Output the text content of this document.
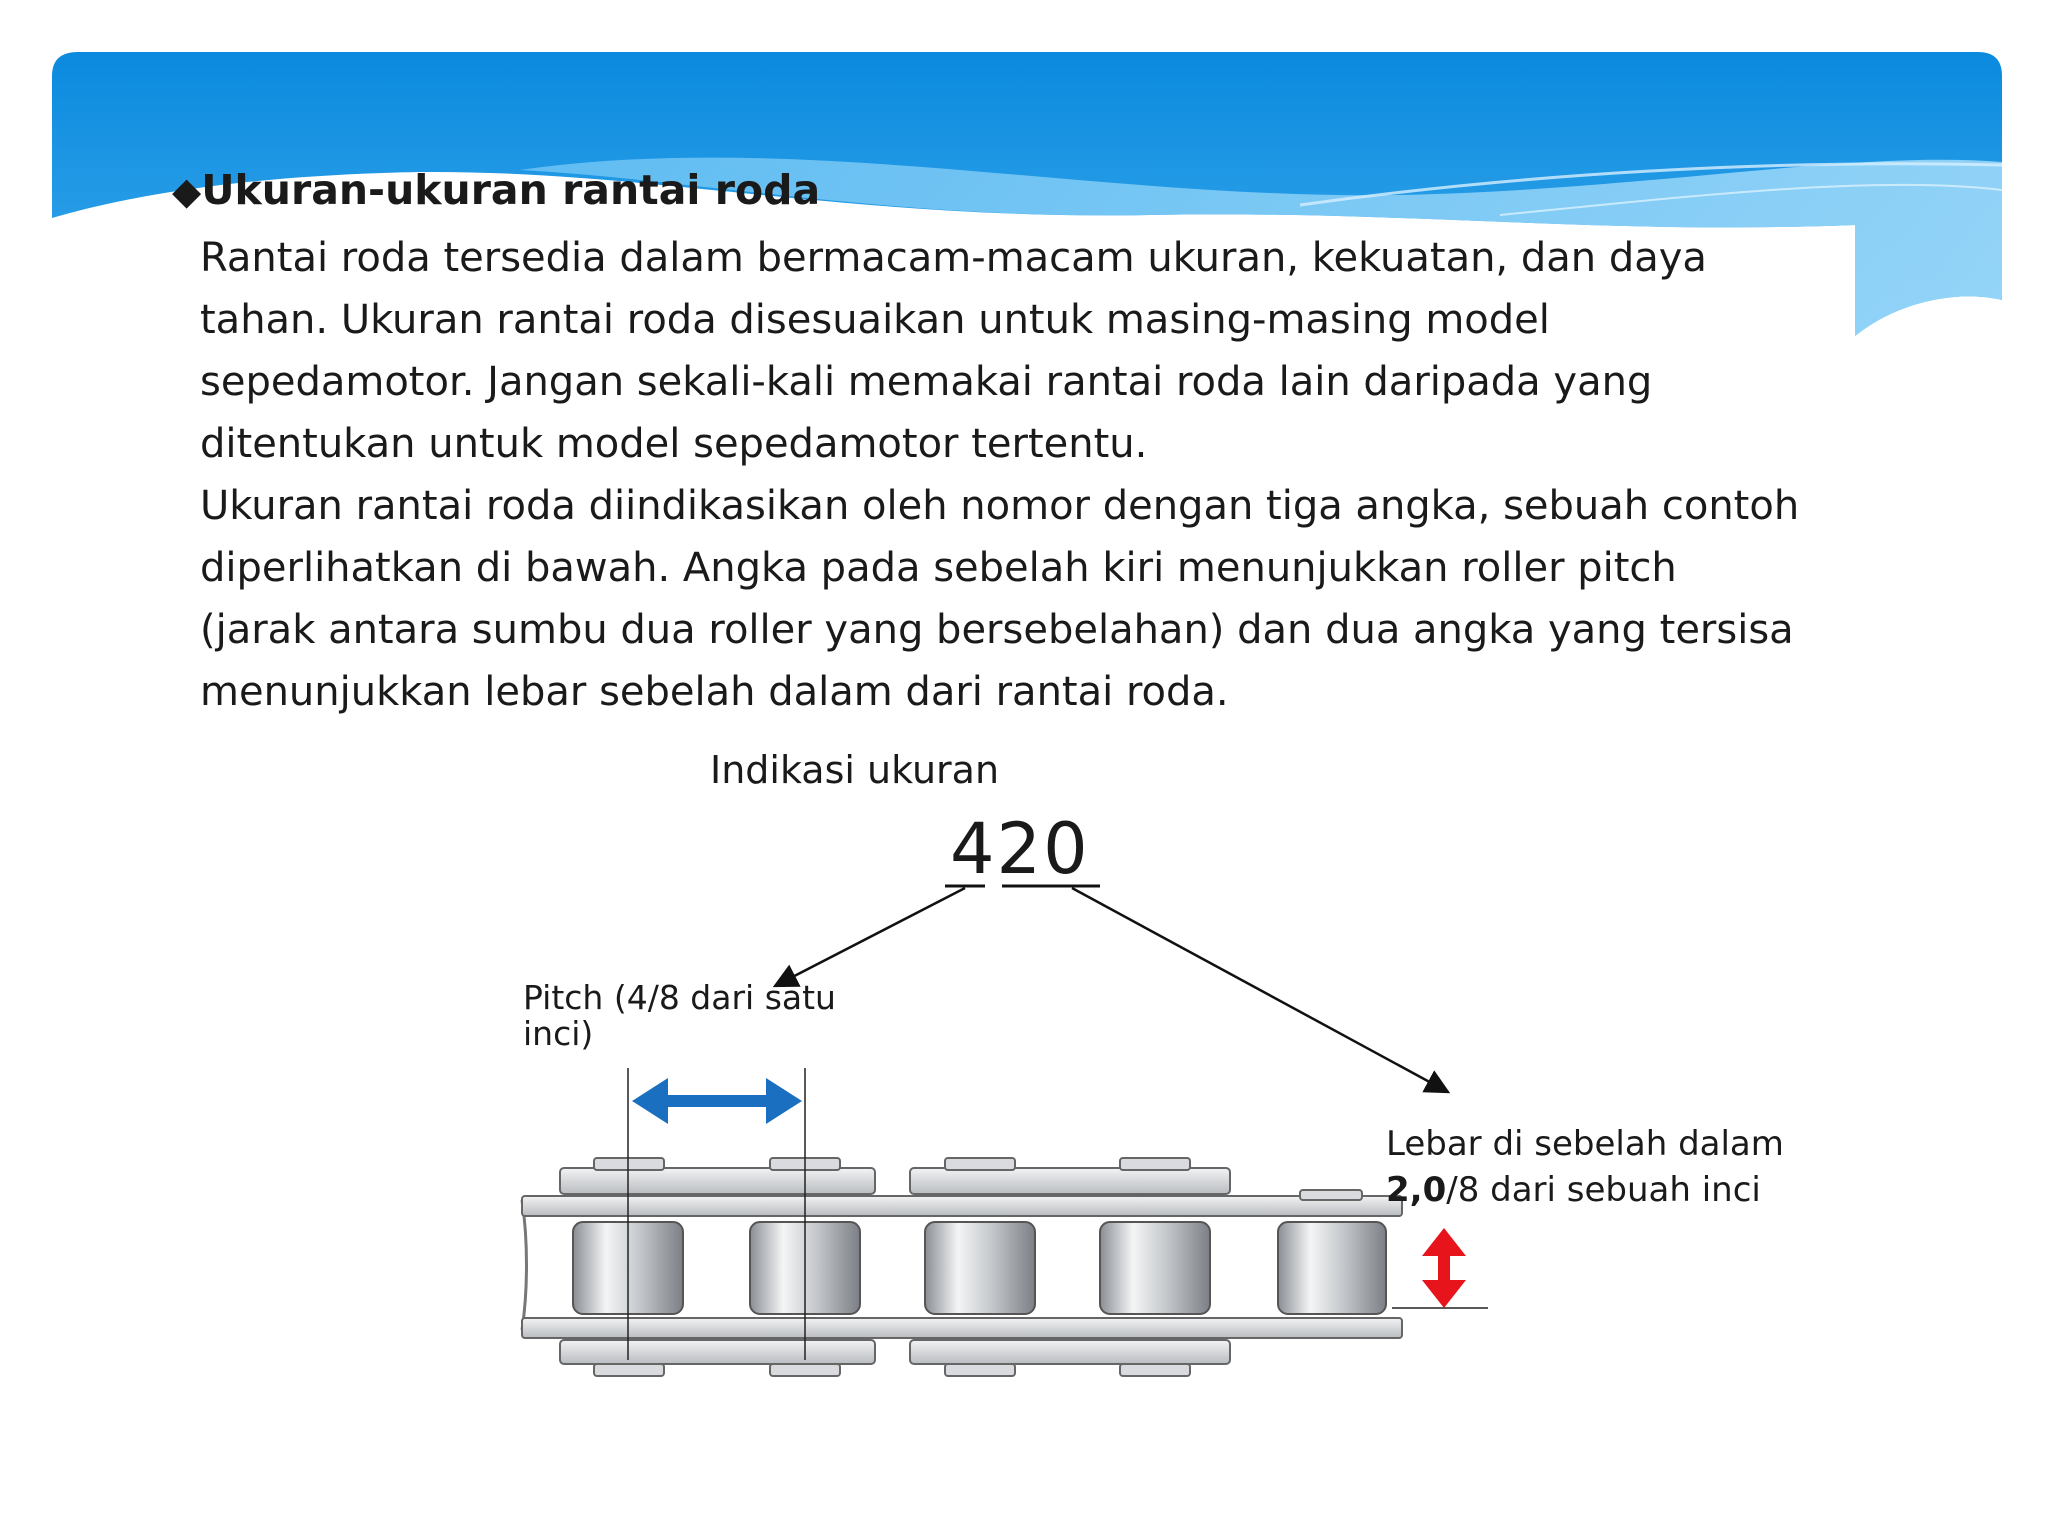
◆Ukuran-ukuran rantai roda

Rantai roda tersedia dalam bermacam-macam ukuran, kekuatan, dan daya

tahan. Ukuran rantai roda disesuaikan untuk masing-masing model

sepedamotor. Jangan sekali-kali memakai rantai roda lain daripada yang

ditentukan untuk model sepedamotor tertentu.

Ukuran rantai roda diindikasikan oleh nomor dengan tiga angka, sebuah contoh

diperlihatkan di bawah. Angka pada sebelah kiri menunjukkan roller pitch

(jarak antara sumbu dua roller yang bersebelahan) dan dua angka yang tersisa

menunjukkan lebar sebelah dalam dari rantai roda.

Indikasi ukuran
420
Pitch (4/8 dari satu inci)
Lebar di sebelah dalam
2,0/8 dari sebuah inci
